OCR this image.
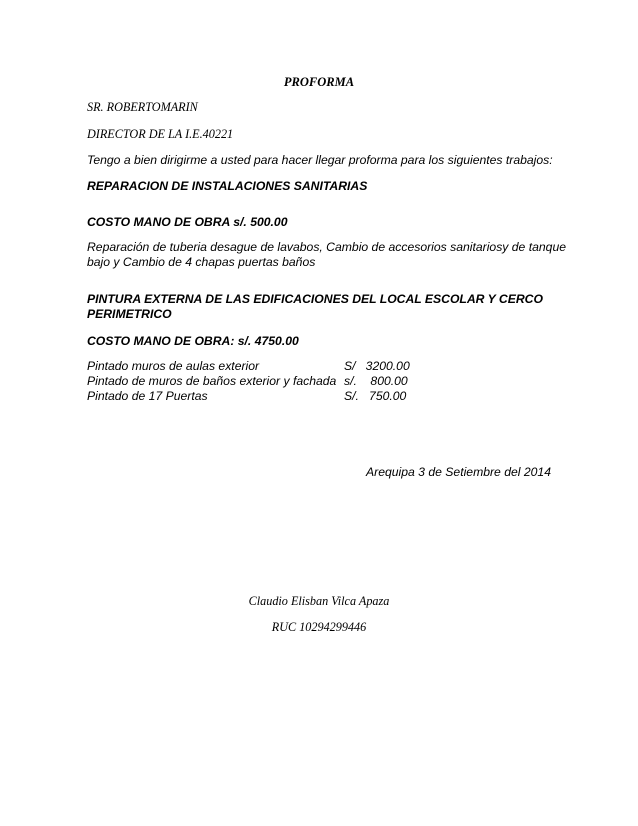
PROFORMA
SR. ROBERTOMARIN
DIRECTOR DE LA I.E.40221
Tengo a bien dirigirme a usted para hacer llegar proforma para los siguientes trabajos:
REPARACION DE INSTALACIONES SANITARIAS
COSTO MANO DE OBRA s/. 500.00
Reparación de tuberia desague de lavabos, Cambio de accesorios sanitariosy de tanque
bajo y Cambio de 4 chapas puertas baños
PINTURA EXTERNA DE LAS EDIFICACIONES DEL LOCAL ESCOLAR Y CERCO
PERIMETRICO
COSTO MANO DE OBRA: s/. 4750.00
Pintado muros de aulas exterior	S/   3200.00
Pintado de muros de baños exterior y fachada s/.    800.00
Pintado de 17 Puertas	S/.   750.00
Arequipa 3 de Setiembre del 2014
Claudio Elisban Vilca Apaza
RUC 10294299446
